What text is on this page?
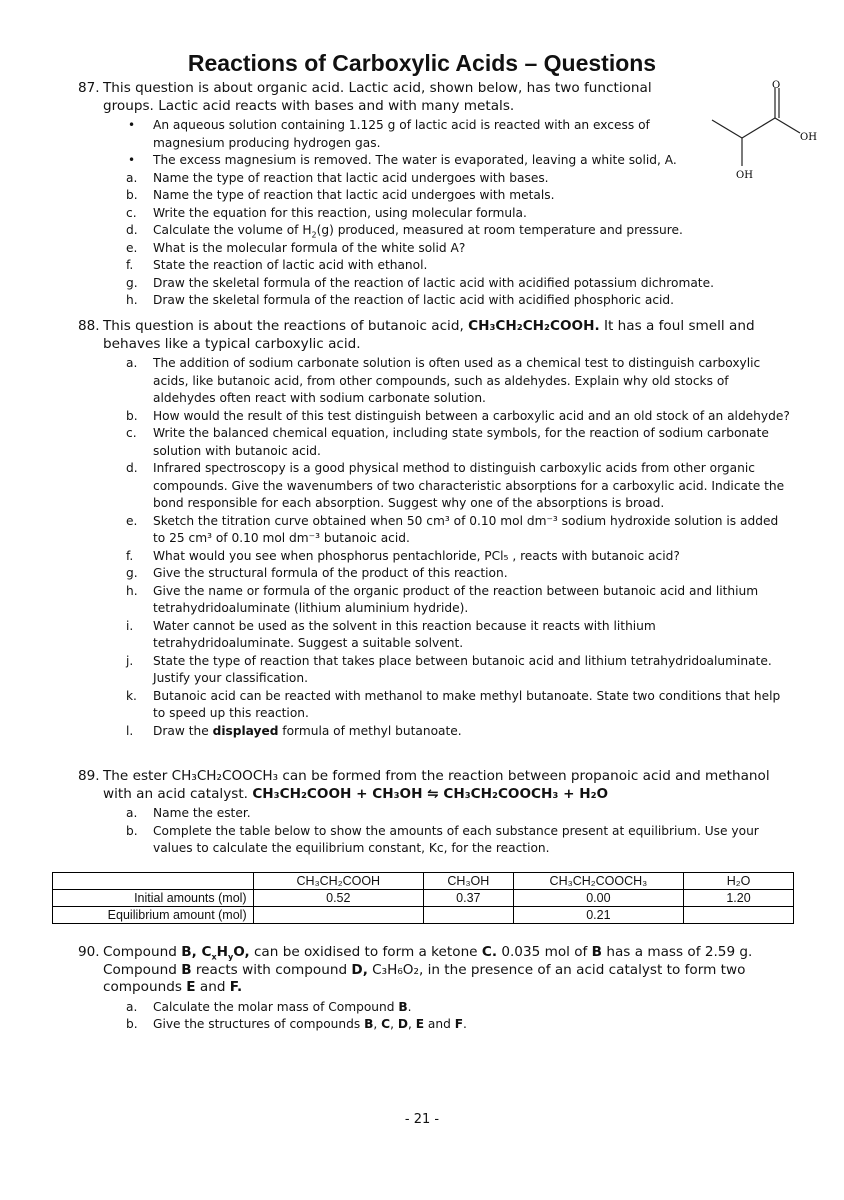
Reactions of Carboxylic Acids – Questions
O
OH
OH
87. This question is about organic acid. Lactic acid, shown below, has two functional groups. Lactic acid reacts with bases and with many metals.
• An aqueous solution containing 1.125 g of lactic acid is reacted with an excess of magnesium producing hydrogen gas.
• The excess magnesium is removed. The water is evaporated, leaving a white solid, A.
a. Name the type of reaction that lactic acid undergoes with bases.
b. Name the type of reaction that lactic acid undergoes with metals.
c. Write the equation for this reaction, using molecular formula.
d. Calculate the volume of $H_2(g)$ produced, measured at room temperature and pressure.
e. What is the molecular formula of the white solid A?
f. State the reaction of lactic acid with ethanol.
g. Draw the skeletal formula of the reaction of lactic acid with acidified potassium dichromate.
h. Draw the skeletal formula of the reaction of lactic acid with acidified phosphoric acid.
88. This question is about the reactions of butanoic acid, CH₃CH₂CH₂COOH. It has a foul smell and behaves like a typical carboxylic acid.
a. The addition of sodium carbonate solution is often used as a chemical test to distinguish carboxylic acids, like butanoic acid, from other compounds, such as aldehydes. Explain why old stocks of aldehydes often react with sodium carbonate solution.
b. How would the result of this test distinguish between a carboxylic acid and an old stock of an aldehyde?
c. Write the balanced chemical equation, including state symbols, for the reaction of sodium carbonate solution with butanoic acid.
d. Infrared spectroscopy is a good physical method to distinguish carboxylic acids from other organic compounds. Give the wavenumbers of two characteristic absorptions for a carboxylic acid. Indicate the bond responsible for each absorption. Suggest why one of the absorptions is broad.
e. Sketch the titration curve obtained when 50 cm³ of 0.10 mol dm⁻³ sodium hydroxide solution is added to 25 cm³ of 0.10 mol dm⁻³ butanoic acid.
f. What would you see when phosphorus pentachloride, PCl₅ , reacts with butanoic acid?
g. Give the structural formula of the product of this reaction.
h. Give the name or formula of the organic product of the reaction between butanoic acid and lithium tetrahydridoaluminate (lithium aluminium hydride).
i. Water cannot be used as the solvent in this reaction because it reacts with lithium tetrahydridoaluminate. Suggest a suitable solvent.
j. State the type of reaction that takes place between butanoic acid and lithium tetrahydridoaluminate. Justify your classification.
k. Butanoic acid can be reacted with methanol to make methyl butanoate. State two conditions that help to speed up this reaction.
l. Draw the displayed formula of methyl butanoate.
89. The ester CH₃CH₂COOCH₃ can be formed from the reaction between propanoic acid and methanol with an acid catalyst. CH₃CH₂COOH + CH₃OH ⇋ CH₃CH₂COOCH₃ + H₂O
a. Name the ester.
b. Complete the table below to show the amounts of each substance present at equilibrium. Use your values to calculate the equilibrium constant, Kc, for the reaction.
	CH₃CH₂COOH	CH₃OH	CH₃CH₂COOCH₃	H₂O
Initial amounts (mol)	0.52	0.37	0.00	1.20
Equilibrium amount (mol)			0.21	
90. Compound B, $C_xH_yO$, can be oxidised to form a ketone C. 0.035 mol of B has a mass of 2.59 g. Compound B reacts with compound D, C₃H₆O₂, in the presence of an acid catalyst to form two compounds E and F.
a. Calculate the molar mass of Compound B.
b. Give the structures of compounds B, C, D, E and F.
- 21 -
